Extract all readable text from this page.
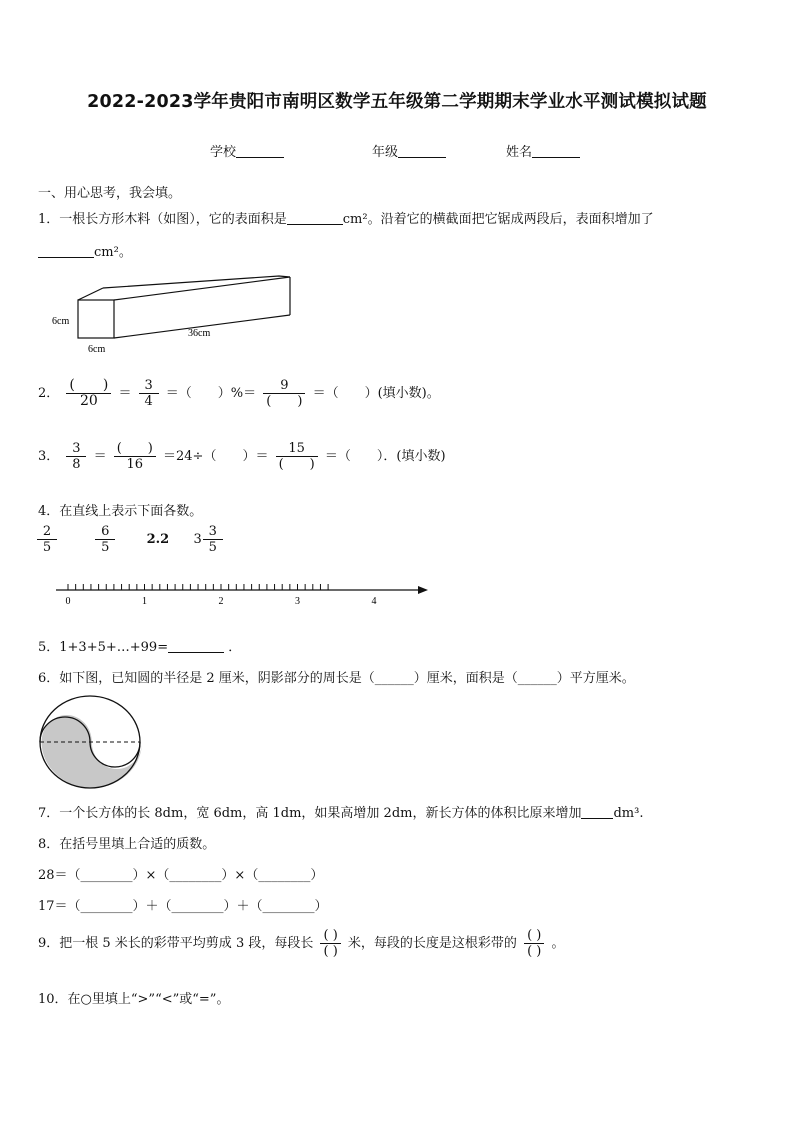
2022-2023学年贵阳市南明区数学五年级第二学期期末学业水平测试模拟试题
学校	年级	姓名
一、用心思考，我会填。
1．一根长方形木料（如图），它的表面积是	cm²。沿着它的横截面把它锯成两段后，表面积增加了
cm²。
6cm
6cm
36cm
2． $\frac{( )}{20} = \frac{3}{4}$ ＝（　　）%＝ $\frac{9}{( )}$ ＝（　　）(填小数)。
3． $\frac{3}{8} = \frac{( )}{16} =24\div$（　　）＝ $\frac{15}{( )}$ ＝（　　）．(填小数)
4．在直线上表示下面各数。
$\frac{2}{5}$
	$\frac{6}{5} 2.2$ $3 \frac{3}{5}$
0	1	2	3	4
5．1+3+5+…+99=	．
6．如下图，已知圆的半径是 2 厘米，阴影部分的周长是（______）厘米，面积是（______）平方厘米。
7．一个长方体的长 8dm，宽 6dm，高 1dm，如果高增加 2dm，新长方体的体积比原来增加 dm³.
8．在括号里填上合适的质数。
28＝（________）×（________）×（________）
17＝（________）＋（________）＋（________）
9．把一根 5 米长的彩带平均剪成 3 段，每段长 $\frac{( )}{( )}$ 米，每段的长度是这根彩带的 $\frac{( )}{( )}$ 。
10．在○里填上“>”“<”或“=”。
